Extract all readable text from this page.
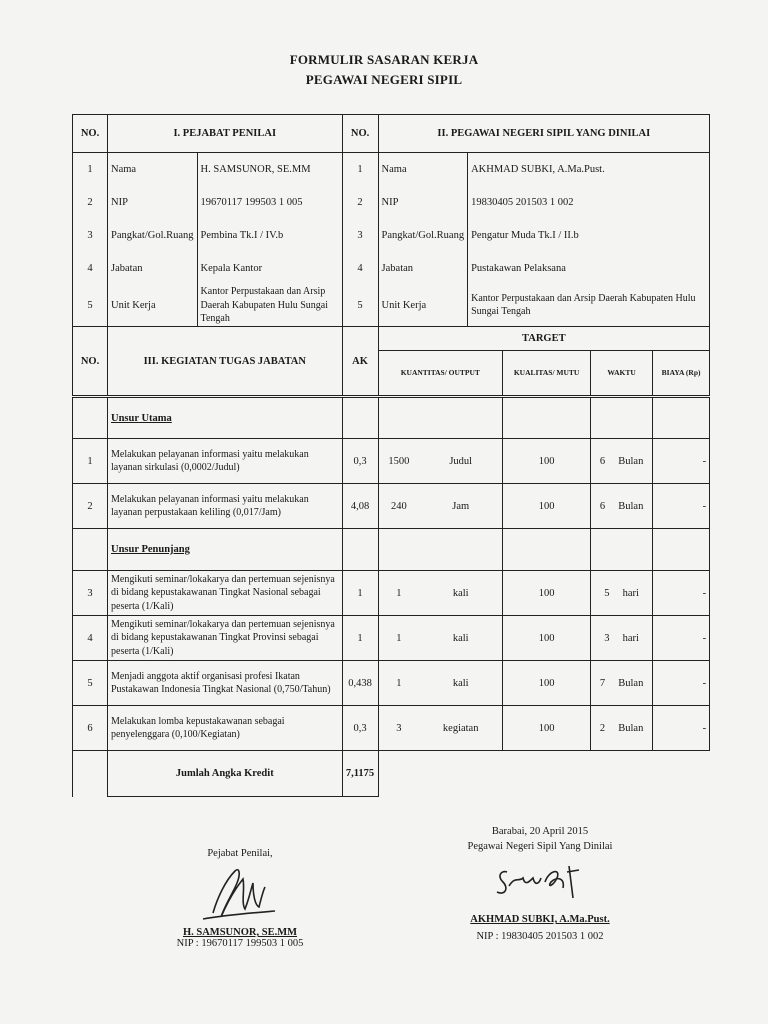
FORMULIR SASARAN KERJA
PEGAWAI NEGERI SIPIL
NO.	I. PEJABAT PENILAI		NO.	II. PEGAWAI NEGERI SIPIL YANG DINILAI					
1	Nama	H. SAMSUNOR, SE.MM	1	Nama		AKHMAD SUBKI, A.Ma.Pust.			
2	NIP	19670117 199503 1 005	2	NIP		19830405 201503 1 002			
3	Pangkat/Gol.Ruang	Pembina Tk.I / IV.b	3	Pangkat/Gol.Ruang		Pengatur Muda Tk.I / II.b			
4	Jabatan	Kepala Kantor	4	Jabatan		Pustakawan Pelaksana			
5	Unit Kerja	Kantor Perpustakaan dan Arsip Daerah Kabupaten Hulu Sungai Tengah	5	Unit Kerja		Kantor Perpustakaan dan Arsip Daerah Kabupaten Hulu Sungai Tengah			
NO.	III. KEGIATAN TUGAS JABATAN		AK	TARGET					
				KUANTITAS/ OUTPUT			KUALITAS/ MUTU	WAKTU	BIAYA (Rp)
	Unsur Utama								
1	Melakukan pelayanan informasi yaitu melakukan layanan sirkulasi (0,0002/Judul)		0,3	1500	Judul		100	6 Bulan	-
2	Melakukan pelayanan informasi yaitu melakukan layanan perpustakaan keliling (0,017/Jam)		4,08	240	Jam		100	6 Bulan	-
	Unsur Penunjang								
3	Mengikuti seminar/lokakarya dan pertemuan sejenisnya di bidang kepustakawanan Tingkat Nasional sebagai peserta (1/Kali)		1	1	kali		100	5 hari	-
4	Mengikuti seminar/lokakarya dan pertemuan sejenisnya di bidang kepustakawanan Tingkat Provinsi sebagai peserta (1/Kali)		1	1	kali		100	3 hari	-
5	Menjadi anggota aktif organisasi profesi Ikatan Pustakawan Indonesia Tingkat Nasional (0,750/Tahun)		0,438	1	kali		100	7 Bulan	-
6	Melakukan lomba kepustakawanan sebagai penyelenggara (0,100/Kegiatan)		0,3	3	kegiatan		100	2 Bulan	-
	Jumlah Angka Kredit		7,1175						
Pejabat Penilai,
H. SAMSUNOR, SE.MM
NIP : 19670117 199503 1 005
Barabai, 20 April 2015
Pegawai Negeri Sipil Yang Dinilai
AKHMAD SUBKI, A.Ma.Pust.
NIP : 19830405 201503 1 002
